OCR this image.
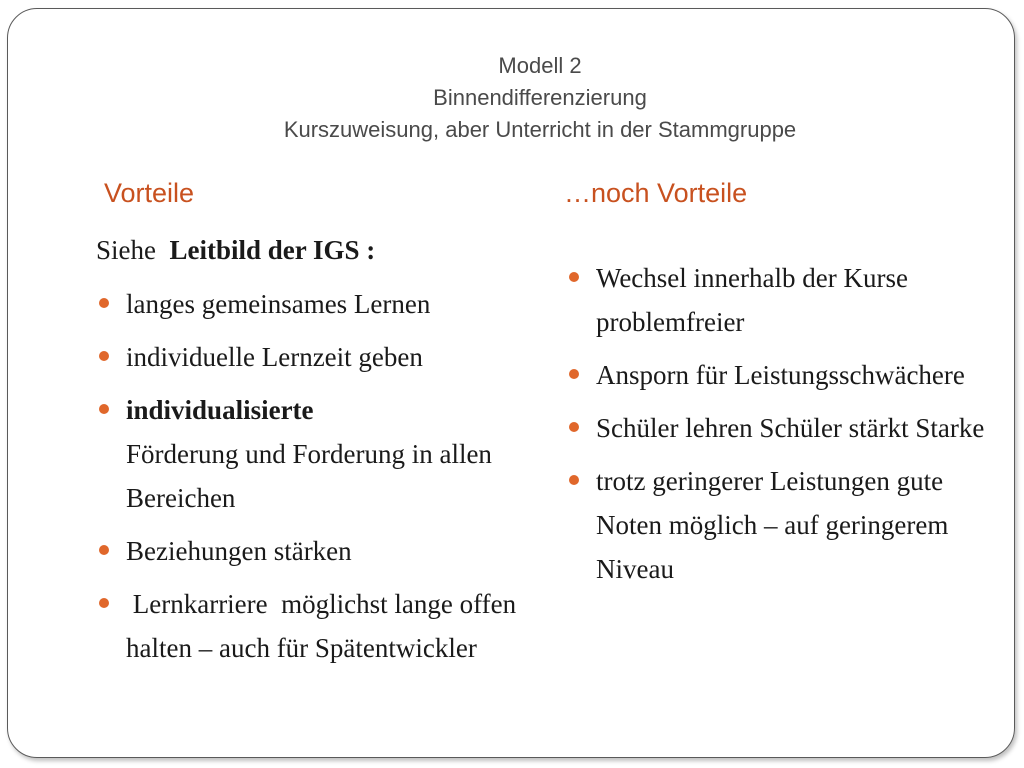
Modell 2
Binnendifferenzierung
Kurszuweisung, aber Unterricht in der Stammgruppe
Vorteile	…noch Vorteile
Siehe Leitbild der IGS :
langes gemeinsames Lernen
individuelle Lernzeit geben
individualisierte
Förderung und Forderung in allen Bereichen
Beziehungen stärken
Lernkarriere  möglichst lange offen halten – auch für Spätentwickler
Wechsel innerhalb der Kurse problemfreier
Ansporn für Leistungsschwächere
Schüler lehren Schüler stärkt Starke
trotz geringerer Leistungen gute Noten möglich – auf geringerem Niveau
